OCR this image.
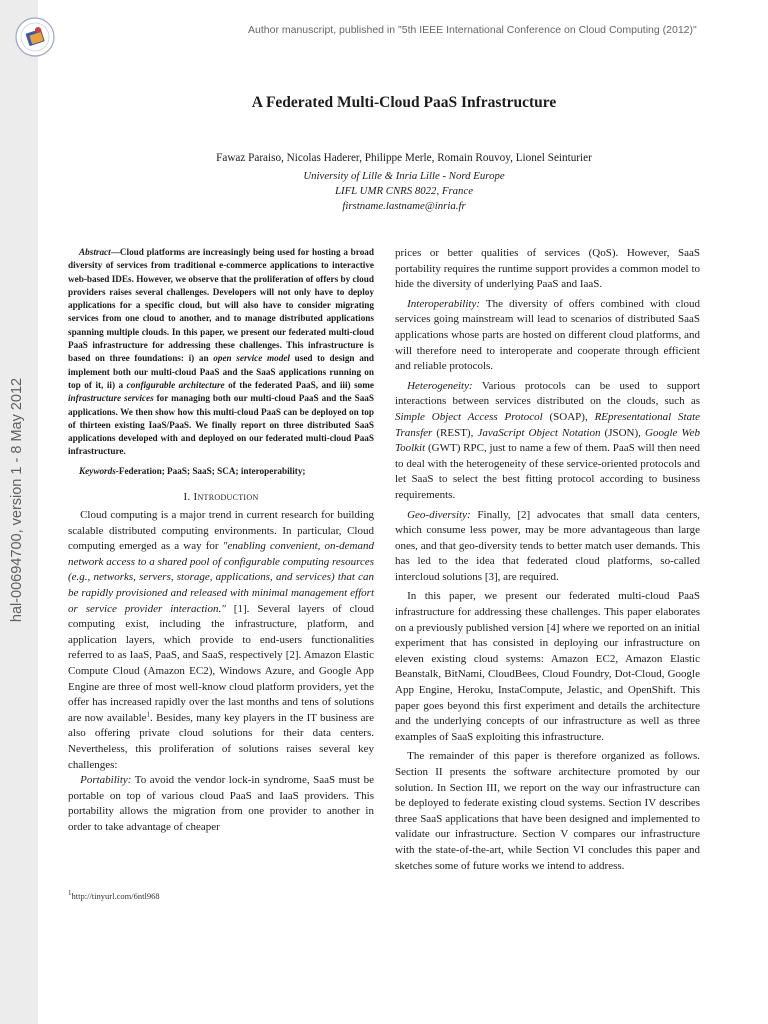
hal-00694700, version 1 - 8 May 2012
Author manuscript, published in "5th IEEE International Conference on Cloud Computing (2012)"
A Federated Multi-Cloud PaaS Infrastructure
Fawaz Paraiso, Nicolas Haderer, Philippe Merle, Romain Rouvoy, Lionel Seinturier
University of Lille & Inria Lille - Nord Europe
LIFL UMR CNRS 8022, France
firstname.lastname@inria.fr

Abstract—Cloud platforms are increasingly being used for hosting a broad diversity of services from traditional e-commerce applications to interactive web-based IDEs. However, we observe that the proliferation of offers by cloud providers raises several challenges. Developers will not only have to deploy applications for a specific cloud, but will also have to consider migrating services from one cloud to another, and to manage distributed applications spanning multiple clouds. In this paper, we present our federated multi-cloud PaaS infrastructure for addressing these challenges. This infrastructure is based on three foundations: i) an open service model used to design and implement both our multi-cloud PaaS and the SaaS applications running on top of it, ii) a configurable architecture of the federated PaaS, and iii) some infrastructure services for managing both our multi-cloud PaaS and the SaaS applications. We then show how this multi-cloud PaaS can be deployed on top of thirteen existing IaaS/PaaS. We finally report on three distributed SaaS applications developed with and deployed on our federated multi-cloud PaaS infrastructure.

Keywords-Federation; PaaS; SaaS; SCA; interoperability;

I. Introduction

Cloud computing is a major trend in current research for building scalable distributed computing environments. In particular, Cloud computing emerged as a way for "enabling convenient, on-demand network access to a shared pool of configurable computing resources (e.g., networks, servers, storage, applications, and services) that can be rapidly provisioned and released with minimal management effort or service provider interaction." [1]. Several layers of cloud computing exist, including the infrastructure, platform, and application layers, which provide to end-users functionalities referred to as IaaS, PaaS, and SaaS, respectively [2]. Amazon Elastic Compute Cloud (Amazon EC2), Windows Azure, and Google App Engine are three of most well-know cloud platform providers, yet the offer has increased rapidly over the last months and tens of solutions are now available$^1$. Besides, many key players in the IT business are also offering private cloud solutions for their data centers. Nevertheless, this proliferation of solutions raises several key challenges:

Portability: To avoid the vendor lock-in syndrome, SaaS must be portable on top of various cloud PaaS and IaaS providers. This portability allows the migration from one provider to another in order to take advantage of cheaper

$^1$http://tinyurl.com/6ntl968

prices or better qualities of services (QoS). However, SaaS portability requires the runtime support provides a common model to hide the diversity of underlying PaaS and IaaS.

Interoperability: The diversity of offers combined with cloud services going mainstream will lead to scenarios of distributed SaaS applications whose parts are hosted on different cloud platforms, and will therefore need to interoperate and cooperate through efficient and reliable protocols.

Heterogeneity: Various protocols can be used to support interactions between services distributed on the clouds, such as Simple Object Access Protocol (SOAP), REpresentational State Transfer (REST), JavaScript Object Notation (JSON), Google Web Toolkit (GWT) RPC, just to name a few of them. PaaS will then need to deal with the heterogeneity of these service-oriented protocols and let SaaS to select the best fitting protocol according to business requirements.

Geo-diversity: Finally, [2] advocates that small data centers, which consume less power, may be more advantageous than large ones, and that geo-diversity tends to better match user demands. This has led to the idea that federated cloud platforms, so-called intercloud solutions [3], are required.

In this paper, we present our federated multi-cloud PaaS infrastructure for addressing these challenges. This paper elaborates on a previously published version [4] where we reported on an initial experiment that has consisted in deploying our infrastructure on eleven existing cloud systems: Amazon EC2, Amazon Elastic Beanstalk, BitNami, CloudBees, Cloud Foundry, Dot-Cloud, Google App Engine, Heroku, InstaCompute, Jelastic, and OpenShift. This paper goes beyond this first experiment and details the architecture and the underlying concepts of our infrastructure as well as three examples of SaaS exploiting this infrastructure.

The remainder of this paper is therefore organized as follows. Section II presents the software architecture promoted by our solution. In Section III, we report on the way our infrastructure can be deployed to federate existing cloud systems. Section IV describes three SaaS applications that have been designed and implemented to validate our infrastructure. Section V compares our infrastructure with the state-of-the-art, while Section VI concludes this paper and sketches some of future works we intend to address.
